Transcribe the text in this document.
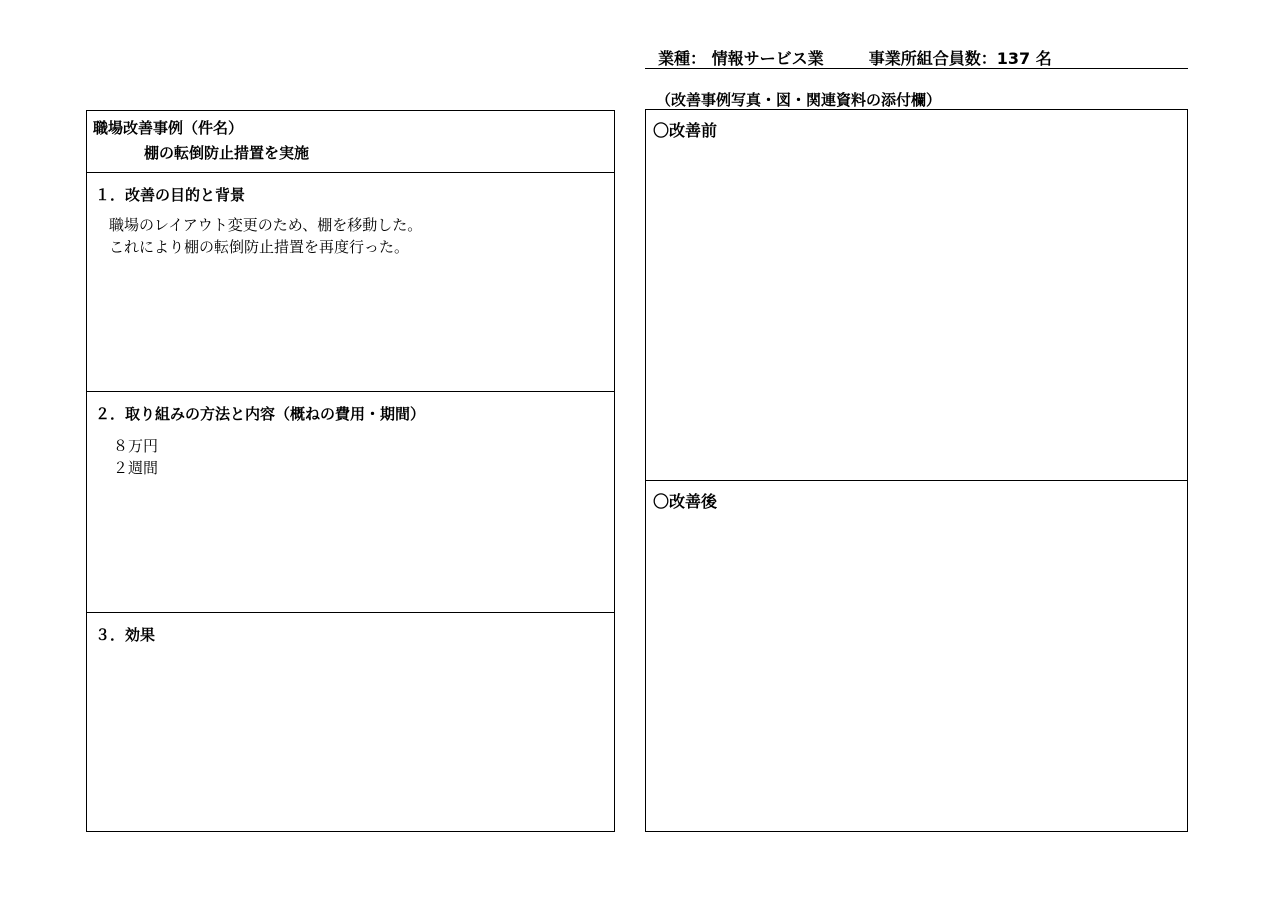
業種： 情報サービス業	事業所組合員数：137 名
（改善事例写真・図・関連資料の添付欄）
職場改善事例（件名）
棚の転倒防止措置を実施
１．改善の目的と背景
職場のレイアウト変更のため、棚を移動した。
これにより棚の転倒防止措置を再度行った。
２．取り組みの方法と内容（概ねの費用・期間）
８万円
２週間
３．効果
〇改善前
〇改善後
